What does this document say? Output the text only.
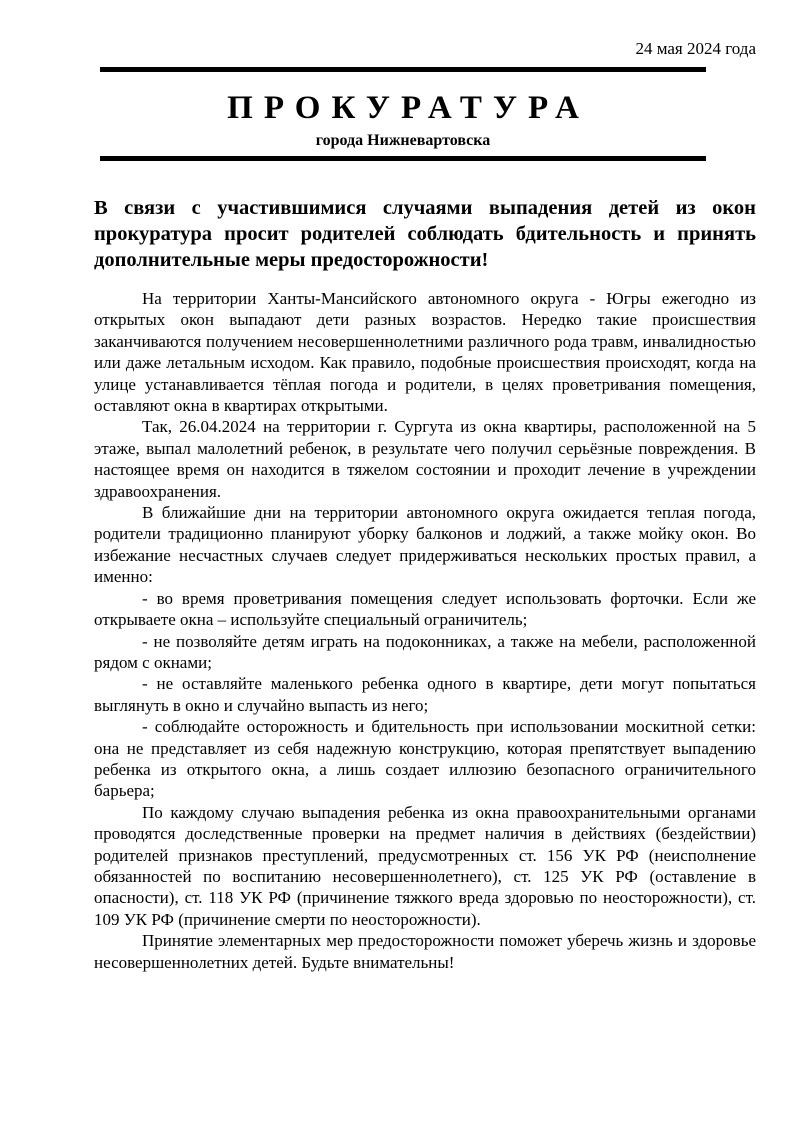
24 мая 2024 года
ПРОКУРАТУРА
города Нижневартовска
В связи с участившимися случаями выпадения детей из окон прокуратура просит родителей соблюдать бдительность и принять дополнительные меры предосторожности!

На территории Ханты-Мансийского автономного округа - Югры ежегодно из открытых окон выпадают дети разных возрастов. Нередко такие происшествия заканчиваются получением несовершеннолетними различного рода травм, инвалидностью или даже летальным исходом. Как правило, подобные происшествия происходят, когда на улице устанавливается тёплая погода и родители, в целях проветривания помещения, оставляют окна в квартирах открытыми.

Так, 26.04.2024 на территории г. Сургута из окна квартиры, расположенной на 5 этаже, выпал малолетний ребенок, в результате чего получил серьёзные повреждения. В настоящее время он находится в тяжелом состоянии и проходит лечение в учреждении здравоохранения.

В ближайшие дни на территории автономного округа ожидается теплая погода, родители традиционно планируют уборку балконов и лоджий, а также мойку окон. Во избежание несчастных случаев следует придерживаться нескольких простых правил, а именно:

- во время проветривания помещения следует использовать форточки. Если же открываете окна – используйте специальный ограничитель;

- не позволяйте детям играть на подоконниках, а также на мебели, расположенной рядом с окнами;

- не оставляйте маленького ребенка одного в квартире, дети могут попытаться выглянуть в окно и случайно выпасть из него;

- соблюдайте осторожность и бдительность при использовании москитной сетки: она не представляет из себя надежную конструкцию, которая препятствует выпадению ребенка из открытого окна, а лишь создает иллюзию безопасного ограничительного барьера;

По каждому случаю выпадения ребенка из окна правоохранительными органами проводятся доследственные проверки на предмет наличия в действиях (бездействии) родителей признаков преступлений, предусмотренных ст. 156 УК РФ (неисполнение обязанностей по воспитанию несовершеннолетнего), ст. 125 УК РФ (оставление в опасности), ст. 118 УК РФ (причинение тяжкого вреда здоровью по неосторожности), ст. 109 УК РФ (причинение смерти по неосторожности).

Принятие элементарных мер предосторожности поможет уберечь жизнь и здоровье несовершеннолетних детей. Будьте внимательны!
